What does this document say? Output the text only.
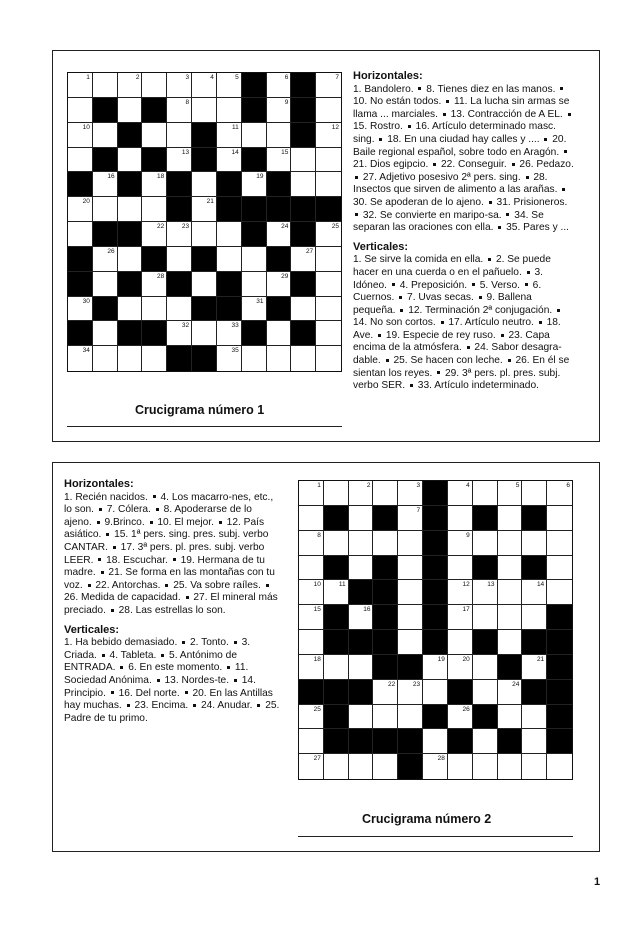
1	2	3	4	5	6	7
8	9
10	11	12
13	14	15
16	18	19
20	21
22	23	24	25
26	27
28	29
30	31
32	33
34	35
Crucigrama número 1
Horizontales:
1. Bandolero. 8. Tienes diez en las manos.  10. No están todos. 11. La lucha sin armas se llama ... marciales. 13. Contracción de A EL.  15. Rostro. 16. Artículo determinado masc. sing. 18. En una ciudad hay calles y .... 20. Baile regional español, sobre todo en Aragón.  21. Dios egipcio. 22. Conseguir. 26. Pedazo.  27. Adjetivo posesivo 2ª pers. sing. 28. Insectos que sirven de alimento a las arañas.  30. Se apoderan de lo ajeno. 31. Prisioneros.  32. Se convierte en maripo-sa. 34. Se separan las oraciones con ella. 35. Pares y ...
Verticales:
1. Se sirve la comida en ella. 2. Se puede hacer en una cuerda o en el pañuelo. 3. Idóneo. 4. Preposición. 5. Verso. 6. Cuernos. 7. Uvas secas. 9. Ballena pequeña. 12. Terminación 2ª conjugación.  14. No son cortos. 17. Artículo neutro. 18. Ave. 19. Especie de rey ruso. 23. Capa encima de la atmósfera. 24. Sabor desagra-dable. 25. Se hacen con leche. 26. En él se sientan los reyes. 29. 3ª pers. pl. pres. subj. verbo SER. 33. Artículo indeterminado.
1	2	3	4	5	6
7
8	9
10	11	12	13	14
15	16	17
18	19	20	21
22	23	24
25	26
27	28
Crucigrama número 2
Horizontales:
1. Recién nacidos. 4. Los macarro-nes, etc., lo son. 7. Cólera. 8. Apoderarse de lo ajeno. 9.Brinco. 10. El mejor. 12. País asiático. 15. 1ª pers. sing. pres. subj. verbo CANTAR. 17. 3ª pers. pl. pres. subj. verbo LEER. 18. Escuchar. 19. Hermana de tu madre. 21. Se forma en las montañas con tu voz. 22. Antorchas. 25. Va sobre raíles.  26. Medida de capacidad. 27. El mineral más preciado. 28. Las estrellas lo son.
Verticales:
1. Ha bebido demasiado. 2. Tonto. 3. Criada. 4. Tableta. 5. Antónimo de ENTRADA. 6. En este momento. 11. Sociedad Anónima. 13. Nordes-te. 14. Principio. 16. Del norte. 20. En las Antillas hay muchas. 23. Encima. 24. Anudar. 25. Padre de tu primo.
1
